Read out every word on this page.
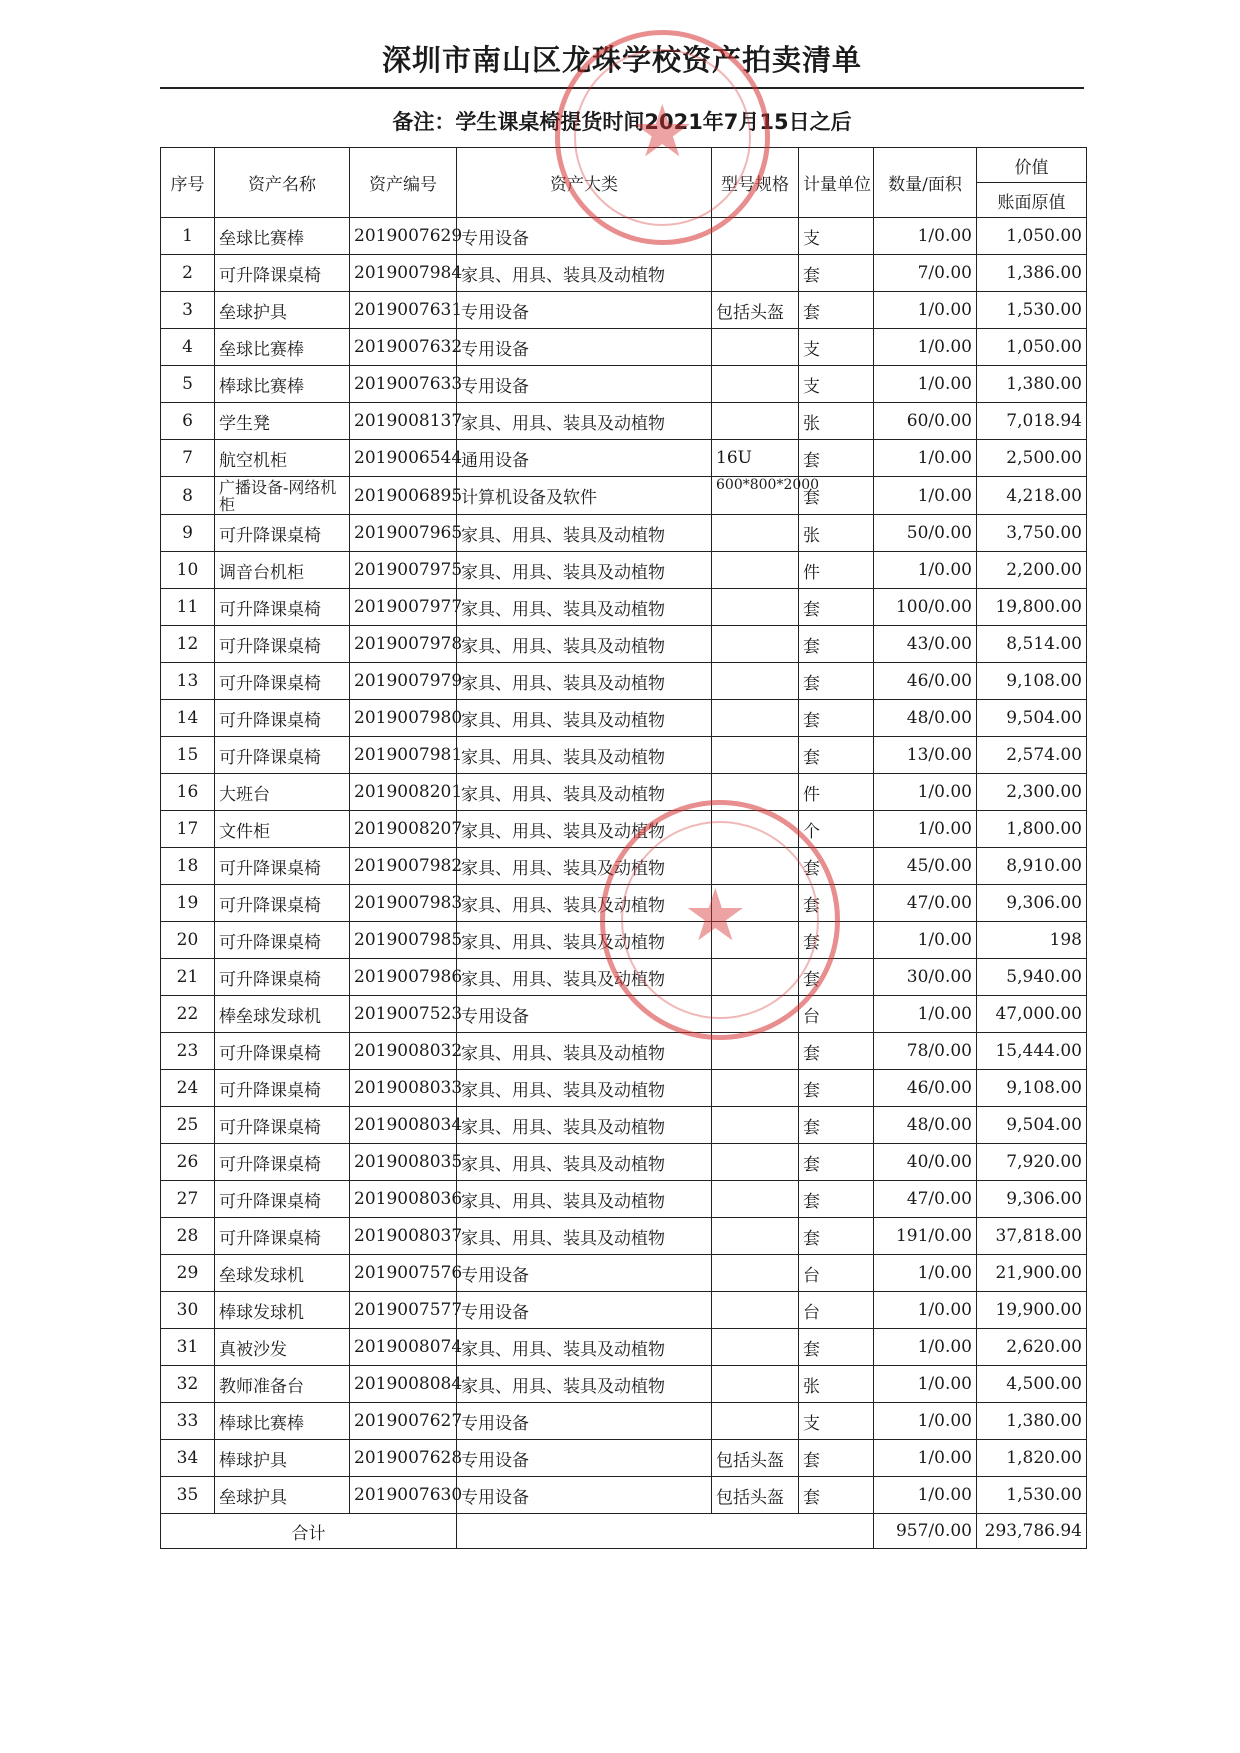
深圳市南山区龙珠学校资产拍卖清单
备注：学生课桌椅提货时间2021年7月15日之后
序号	资产名称	资产编号	资产大类	型号规格	计量单位	数量/面积	价值
							账面原值
1	垒球比赛棒	2019007629	专用设备		支	1/0.00	1,050.00
2	可升降课桌椅	2019007984	家具、用具、装具及动植物		套	7/0.00	1,386.00
3	垒球护具	2019007631	专用设备	包括头盔	套	1/0.00	1,530.00
4	垒球比赛棒	2019007632	专用设备		支	1/0.00	1,050.00
5	棒球比赛棒	2019007633	专用设备		支	1/0.00	1,380.00
6	学生凳	2019008137	家具、用具、装具及动植物		张	60/0.00	7,018.94
7	航空机柜	2019006544	通用设备	16U	套	1/0.00	2,500.00
8	广播设备-网络机柜	2019006895	计算机设备及软件	600*800*2000	套	1/0.00	4,218.00
9	可升降课桌椅	2019007965	家具、用具、装具及动植物		张	50/0.00	3,750.00
10	调音台机柜	2019007975	家具、用具、装具及动植物		件	1/0.00	2,200.00
11	可升降课桌椅	2019007977	家具、用具、装具及动植物		套	100/0.00	19,800.00
12	可升降课桌椅	2019007978	家具、用具、装具及动植物		套	43/0.00	8,514.00
13	可升降课桌椅	2019007979	家具、用具、装具及动植物		套	46/0.00	9,108.00
14	可升降课桌椅	2019007980	家具、用具、装具及动植物		套	48/0.00	9,504.00
15	可升降课桌椅	2019007981	家具、用具、装具及动植物		套	13/0.00	2,574.00
16	大班台	2019008201	家具、用具、装具及动植物		件	1/0.00	2,300.00
17	文件柜	2019008207	家具、用具、装具及动植物		个	1/0.00	1,800.00
18	可升降课桌椅	2019007982	家具、用具、装具及动植物		套	45/0.00	8,910.00
19	可升降课桌椅	2019007983	家具、用具、装具及动植物		套	47/0.00	9,306.00
20	可升降课桌椅	2019007985	家具、用具、装具及动植物		套	1/0.00	198
21	可升降课桌椅	2019007986	家具、用具、装具及动植物		套	30/0.00	5,940.00
22	棒垒球发球机	2019007523	专用设备		台	1/0.00	47,000.00
23	可升降课桌椅	2019008032	家具、用具、装具及动植物		套	78/0.00	15,444.00
24	可升降课桌椅	2019008033	家具、用具、装具及动植物		套	46/0.00	9,108.00
25	可升降课桌椅	2019008034	家具、用具、装具及动植物		套	48/0.00	9,504.00
26	可升降课桌椅	2019008035	家具、用具、装具及动植物		套	40/0.00	7,920.00
27	可升降课桌椅	2019008036	家具、用具、装具及动植物		套	47/0.00	9,306.00
28	可升降课桌椅	2019008037	家具、用具、装具及动植物		套	191/0.00	37,818.00
29	垒球发球机	2019007576	专用设备		台	1/0.00	21,900.00
30	棒球发球机	2019007577	专用设备		台	1/0.00	19,900.00
31	真被沙发	2019008074	家具、用具、装具及动植物		套	1/0.00	2,620.00
32	教师准备台	2019008084	家具、用具、装具及动植物		张	1/0.00	4,500.00
33	棒球比赛棒	2019007627	专用设备		支	1/0.00	1,380.00
34	棒球护具	2019007628	专用设备	包括头盔	套	1/0.00	1,820.00
35	垒球护具	2019007630	专用设备	包括头盔	套	1/0.00	1,530.00
合计						957/0.00	293,786.94
★
★
